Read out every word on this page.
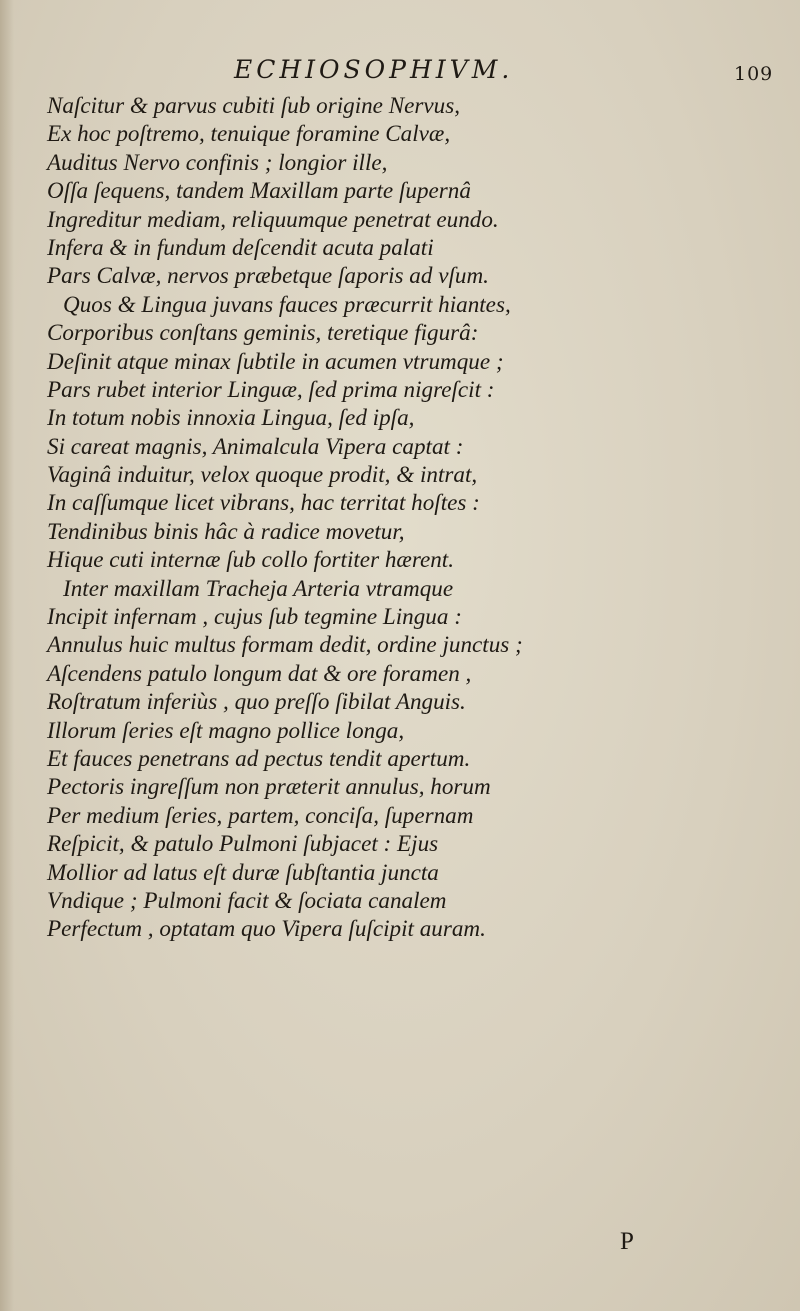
ECHIOSOPHIVM.	109
Naſcitur & parvus cubiti ſub origine Nervus,
Ex hoc poſtremo, tenuique foramine Calvæ,
Auditus Nervo confinis ; longior ille,
Oſſa ſequens, tandem Maxillam parte ſupernâ
Ingreditur mediam, reliquumque penetrat eundo.
Infera & in fundum deſcendit acuta palati
Pars Calvæ, nervos præbetque ſaporis ad vſum.
Quos & Lingua juvans fauces præcurrit hiantes,
Corporibus conſtans geminis, teretique figurâ:
Deſinit atque minax ſubtile in acumen vtrumque ;
Pars rubet interior Linguæ, ſed prima nigreſcit :
In totum nobis innoxia Lingua, ſed ipſa,
Si careat magnis, Animalcula Vipera captat :
Vaginâ induitur, velox quoque prodit, & intrat,
In caſſumque licet vibrans, hac territat hoſtes :
Tendinibus binis hâc à radice movetur,
Hique cuti internæ ſub collo fortiter hærent.
Inter maxillam Tracheja Arteria vtramque
Incipit infernam , cujus ſub tegmine Lingua :
Annulus huic multus formam dedit, ordine junctus ;
Aſcendens patulo longum dat & ore foramen ,
Roſtratum inferiùs , quo preſſo ſibilat Anguis.
Illorum ſeries eſt magno pollice longa,
Et fauces penetrans ad pectus tendit apertum.
Pectoris ingreſſum non præterit annulus, horum
Per medium ſeries, partem, conciſa, ſupernam
Reſpicit, & patulo Pulmoni ſubjacet : Ejus
Mollior ad latus eſt duræ ſubſtantia juncta
Vndique ; Pulmoni facit & ſociata canalem
Perfectum , optatam quo Vipera ſuſcipit auram.
P
